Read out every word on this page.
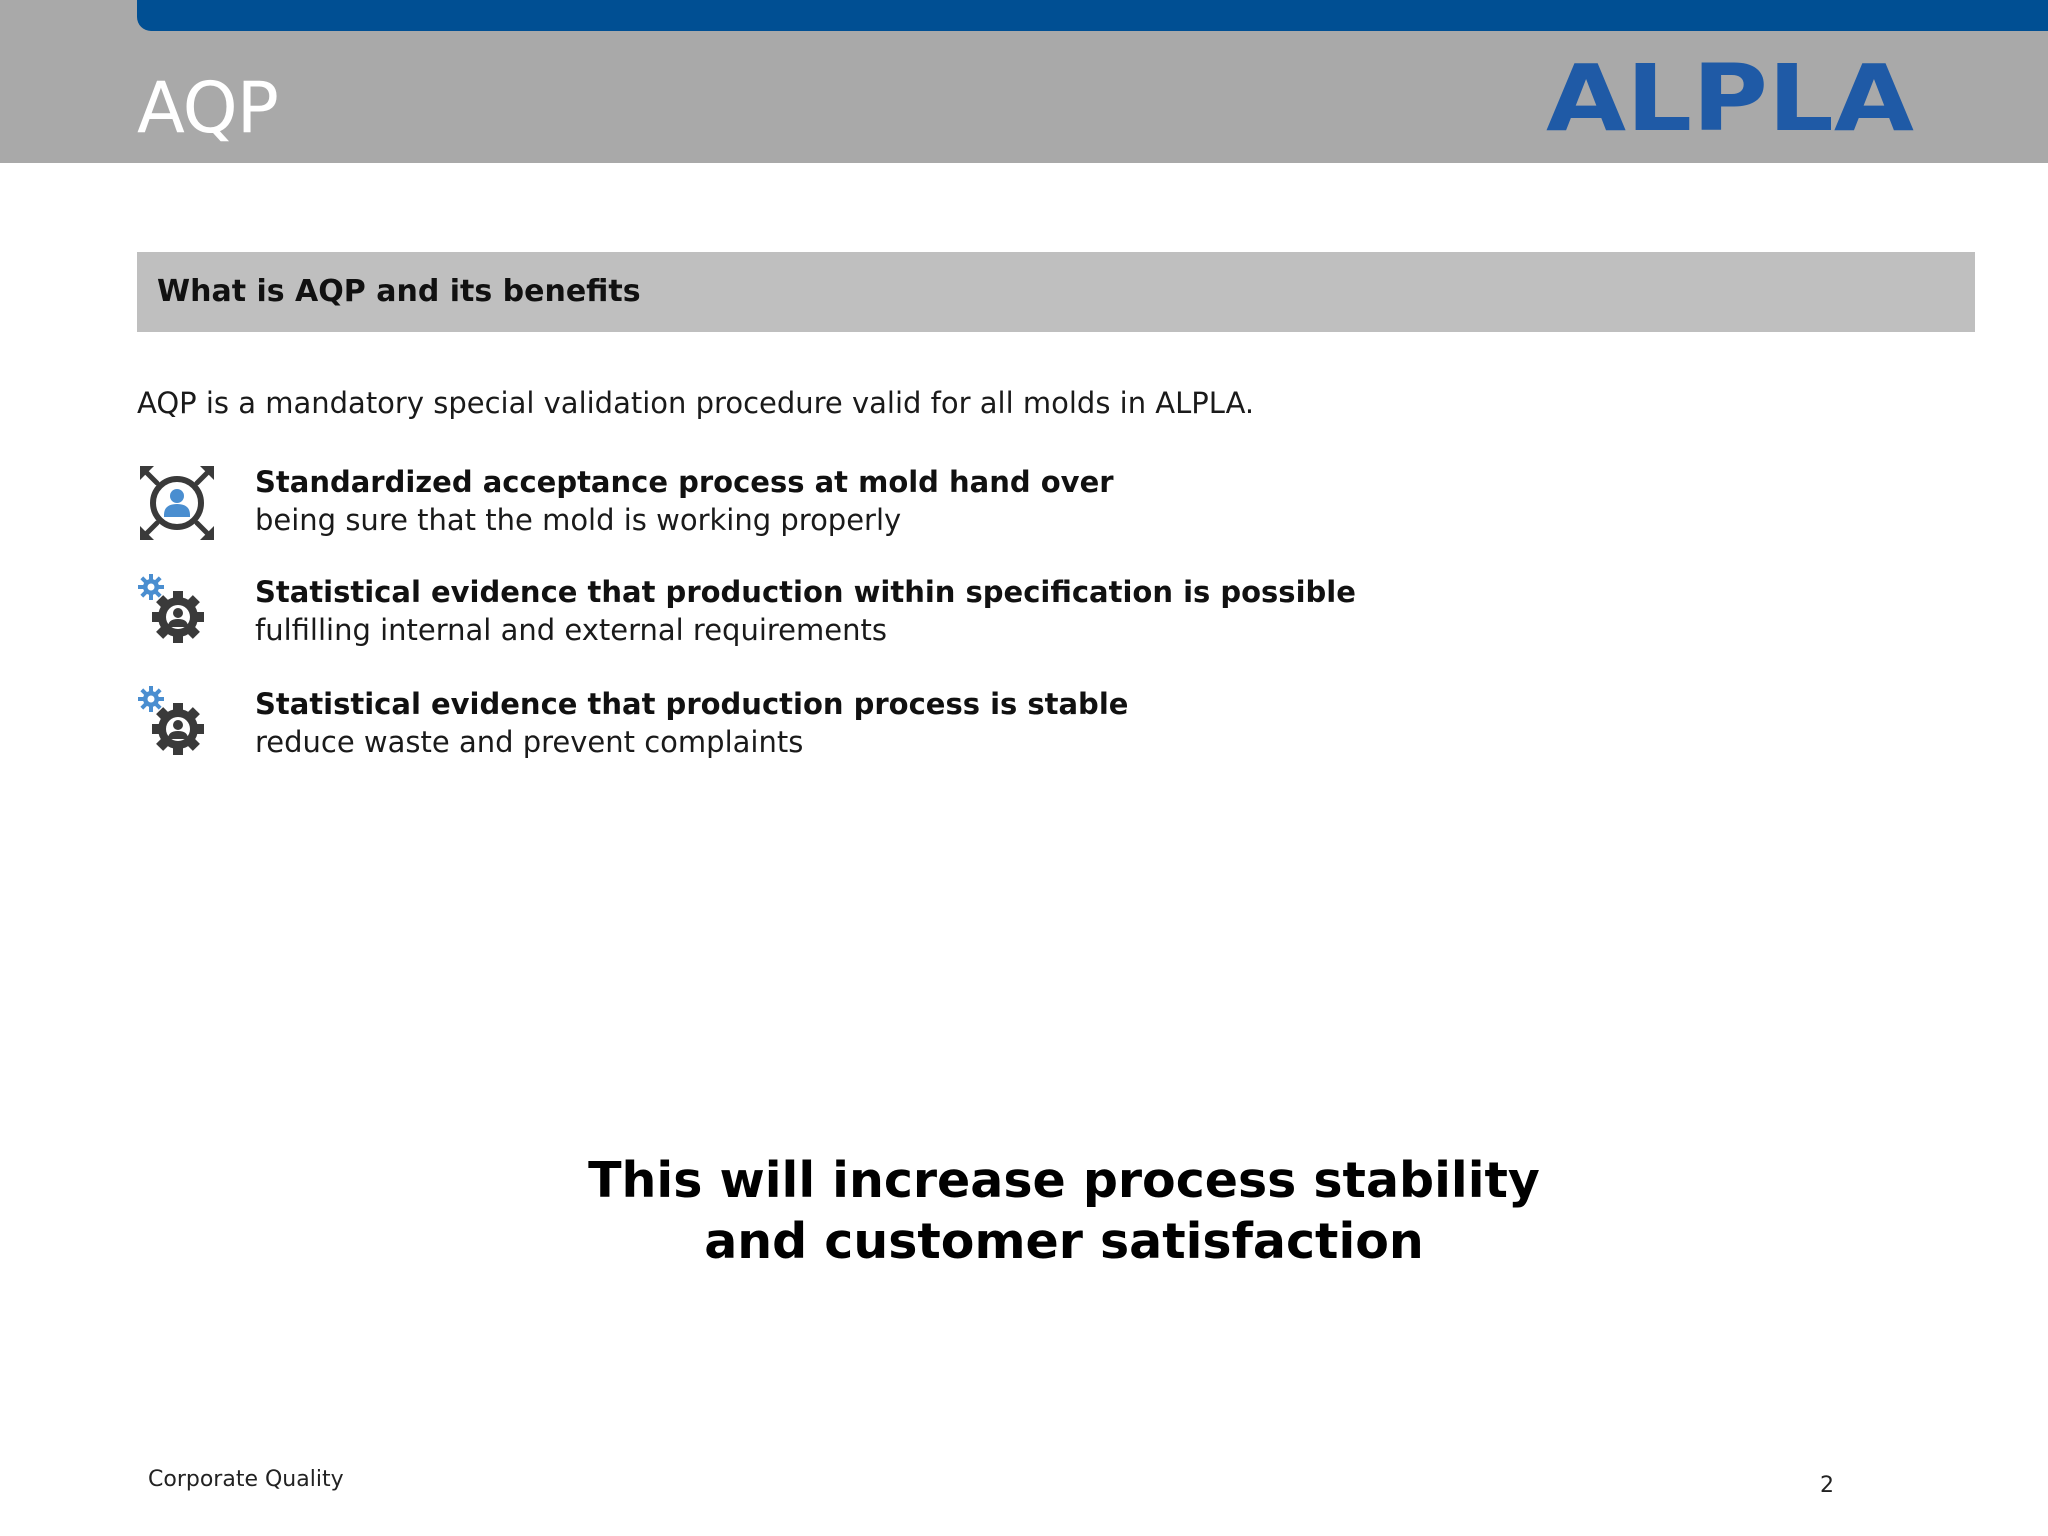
AQP	ALPLA
What is AQP and its benefits
AQP is a mandatory special validation procedure valid for all molds in ALPLA.
Standardized acceptance process at mold hand over
being sure that the mold is working properly
Statistical evidence that production within specification is possible
fulfilling internal and external requirements
Statistical evidence that production process is stable
reduce waste and prevent complaints
This will increase process stability
and customer satisfaction
Corporate Quality	2
